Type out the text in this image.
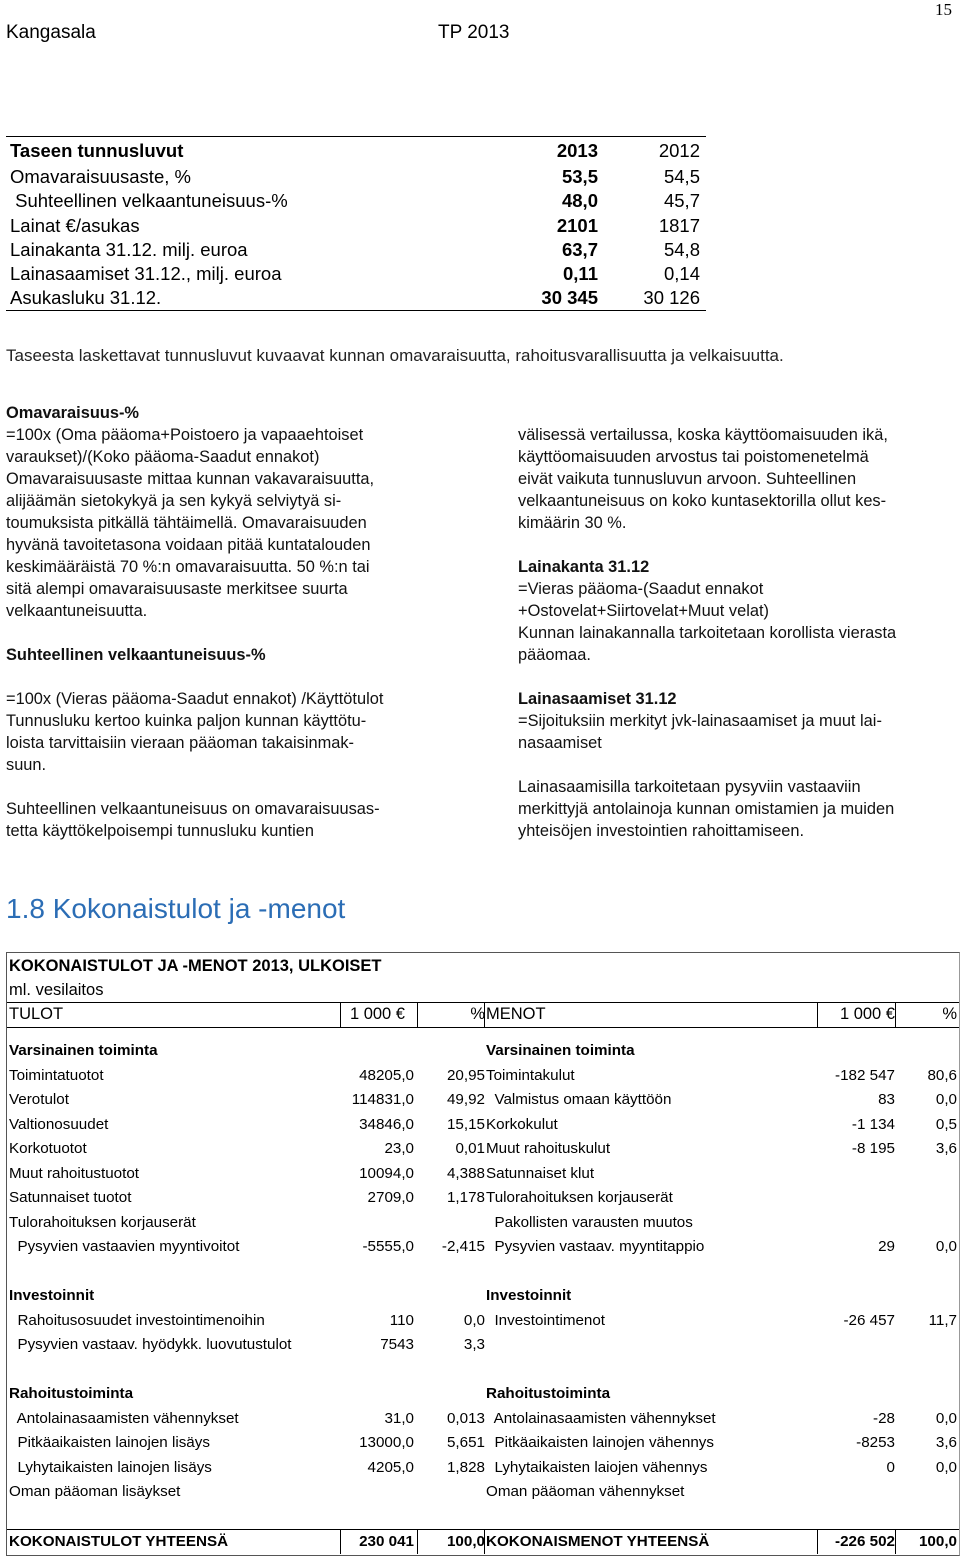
15
Kangasala	TP 2013
Taseen tunnusluvut	2013	2012
Omavaraisuusaste, %	53,5	54,5
Suhteellinen velkaantuneisuus-%	48,0	45,7
Lainat €/asukas	2101	1817
Lainakanta 31.12. milj. euroa	63,7	54,8
Lainasaamiset 31.12., milj. euroa	0,11	0,14
Asukasluku 31.12.	30 345	30 126
Taseesta laskettavat tunnusluvut kuvaavat kunnan omavaraisuutta, rahoitusvarallisuutta ja velkaisuutta.

Omavaraisuus-%

=100x (Oma pääoma+Poistoero ja vapaaehtoiset

varaukset)/(Koko pääoma-Saadut ennakot)

Omavaraisuusaste mittaa kunnan vakavaraisuutta,

alijäämän sietokykyä ja sen kykyä selviytyä si-

toumuksista pitkällä tähtäimellä. Omavaraisuuden

hyvänä tavoitetasona voidaan pitää kuntatalouden

keskimääräistä 70 %:n omavaraisuutta. 50 %:n tai

sitä alempi omavaraisuusaste merkitsee suurta

velkaantuneisuutta.

Suhteellinen velkaantuneisuus-%

=100x (Vieras pääoma-Saadut ennakot) /Käyttötulot

Tunnusluku kertoo kuinka paljon kunnan käyttötu-

loista tarvittaisiin vieraan pääoman takaisinmak-

suun.

Suhteellinen velkaantuneisuus on omavaraisuusas-

tetta käyttökelpoisempi tunnusluku kuntien

välisessä vertailussa, koska käyttöomaisuuden ikä,

käyttöomaisuuden arvostus tai poistomenetelmä

eivät vaikuta tunnusluvun arvoon. Suhteellinen

velkaantuneisuus on koko kuntasektorilla ollut kes-

kimäärin 30 %.

Lainakanta 31.12

=Vieras pääoma-(Saadut ennakot

+Ostovelat+Siirtovelat+Muut velat)

Kunnan lainakannalla tarkoitetaan korollista vierasta

pääomaa.

Lainasaamiset 31.12

=Sijoituksiin merkityt jvk-lainasaamiset ja muut lai-

nasaamiset

Lainasaamisilla tarkoitetaan pysyviin vastaaviin

merkittyjä antolainoja kunnan omistamien ja muiden

yhteisöjen investointien rahoittamiseen.

1.8 Kokonaistulot ja -menot
KOKONAISTULOT JA -MENOT 2013, ULKOISET
ml. vesilaitos
TULOT	1 000 €	% MENOT	1 000 €	%
Varsinainen toiminta	Varsinainen toiminta
Toimintatuotot	48205,0 20,95 Toimintakulut	-182 547 80,6
Verotulot	114831,0 49,92 Valmistus omaan käyttöön	83	0,0
Valtionosuudet	34846,0 15,15 Korkokulut	-1 134	0,5
Korkotuotot	23,0	0,01 Muut rahoituskulut	-8 195	3,6
Muut rahoitustuotot	10094,0 4,388 Satunnaiset klut
Satunnaiset tuotot	2709,0 1,178 Tulorahoituksen korjauserät
Tulorahoituksen korjauserät	Pakollisten varausten muutos
Pysyvien vastaavien myyntivoitot	-5555,0 -2,415 Pysyvien vastaav. myyntitappio	29	0,0
Investoinnit	Investoinnit
Rahoitusosuudet investointimenoihin	110	0,0 Investointimenot	-26 457 11,7
Pysyvien vastaav. hyödykk. luovutustulot	7543	3,3
Rahoitustoiminta	Rahoitustoiminta
Antolainasaamisten vähennykset	31,0 0,013 Antolainasaamisten vähennykset	-28	0,0
Pitkäaikaisten lainojen lisäys	13000,0 5,651 Pitkäaikaisten lainojen vähennys	-8253	3,6
Lyhytaikaisten lainojen lisäys	4205,0 1,828 Lyhytaikaisten laiojen vähennys	0	0,0
Oman pääoman lisäykset	Oman pääoman vähennykset
KOKONAISTULOT YHTEENSÄ	230 041 100,0 KOKONAISMENOT YHTEENSÄ	-226 502 100,0
